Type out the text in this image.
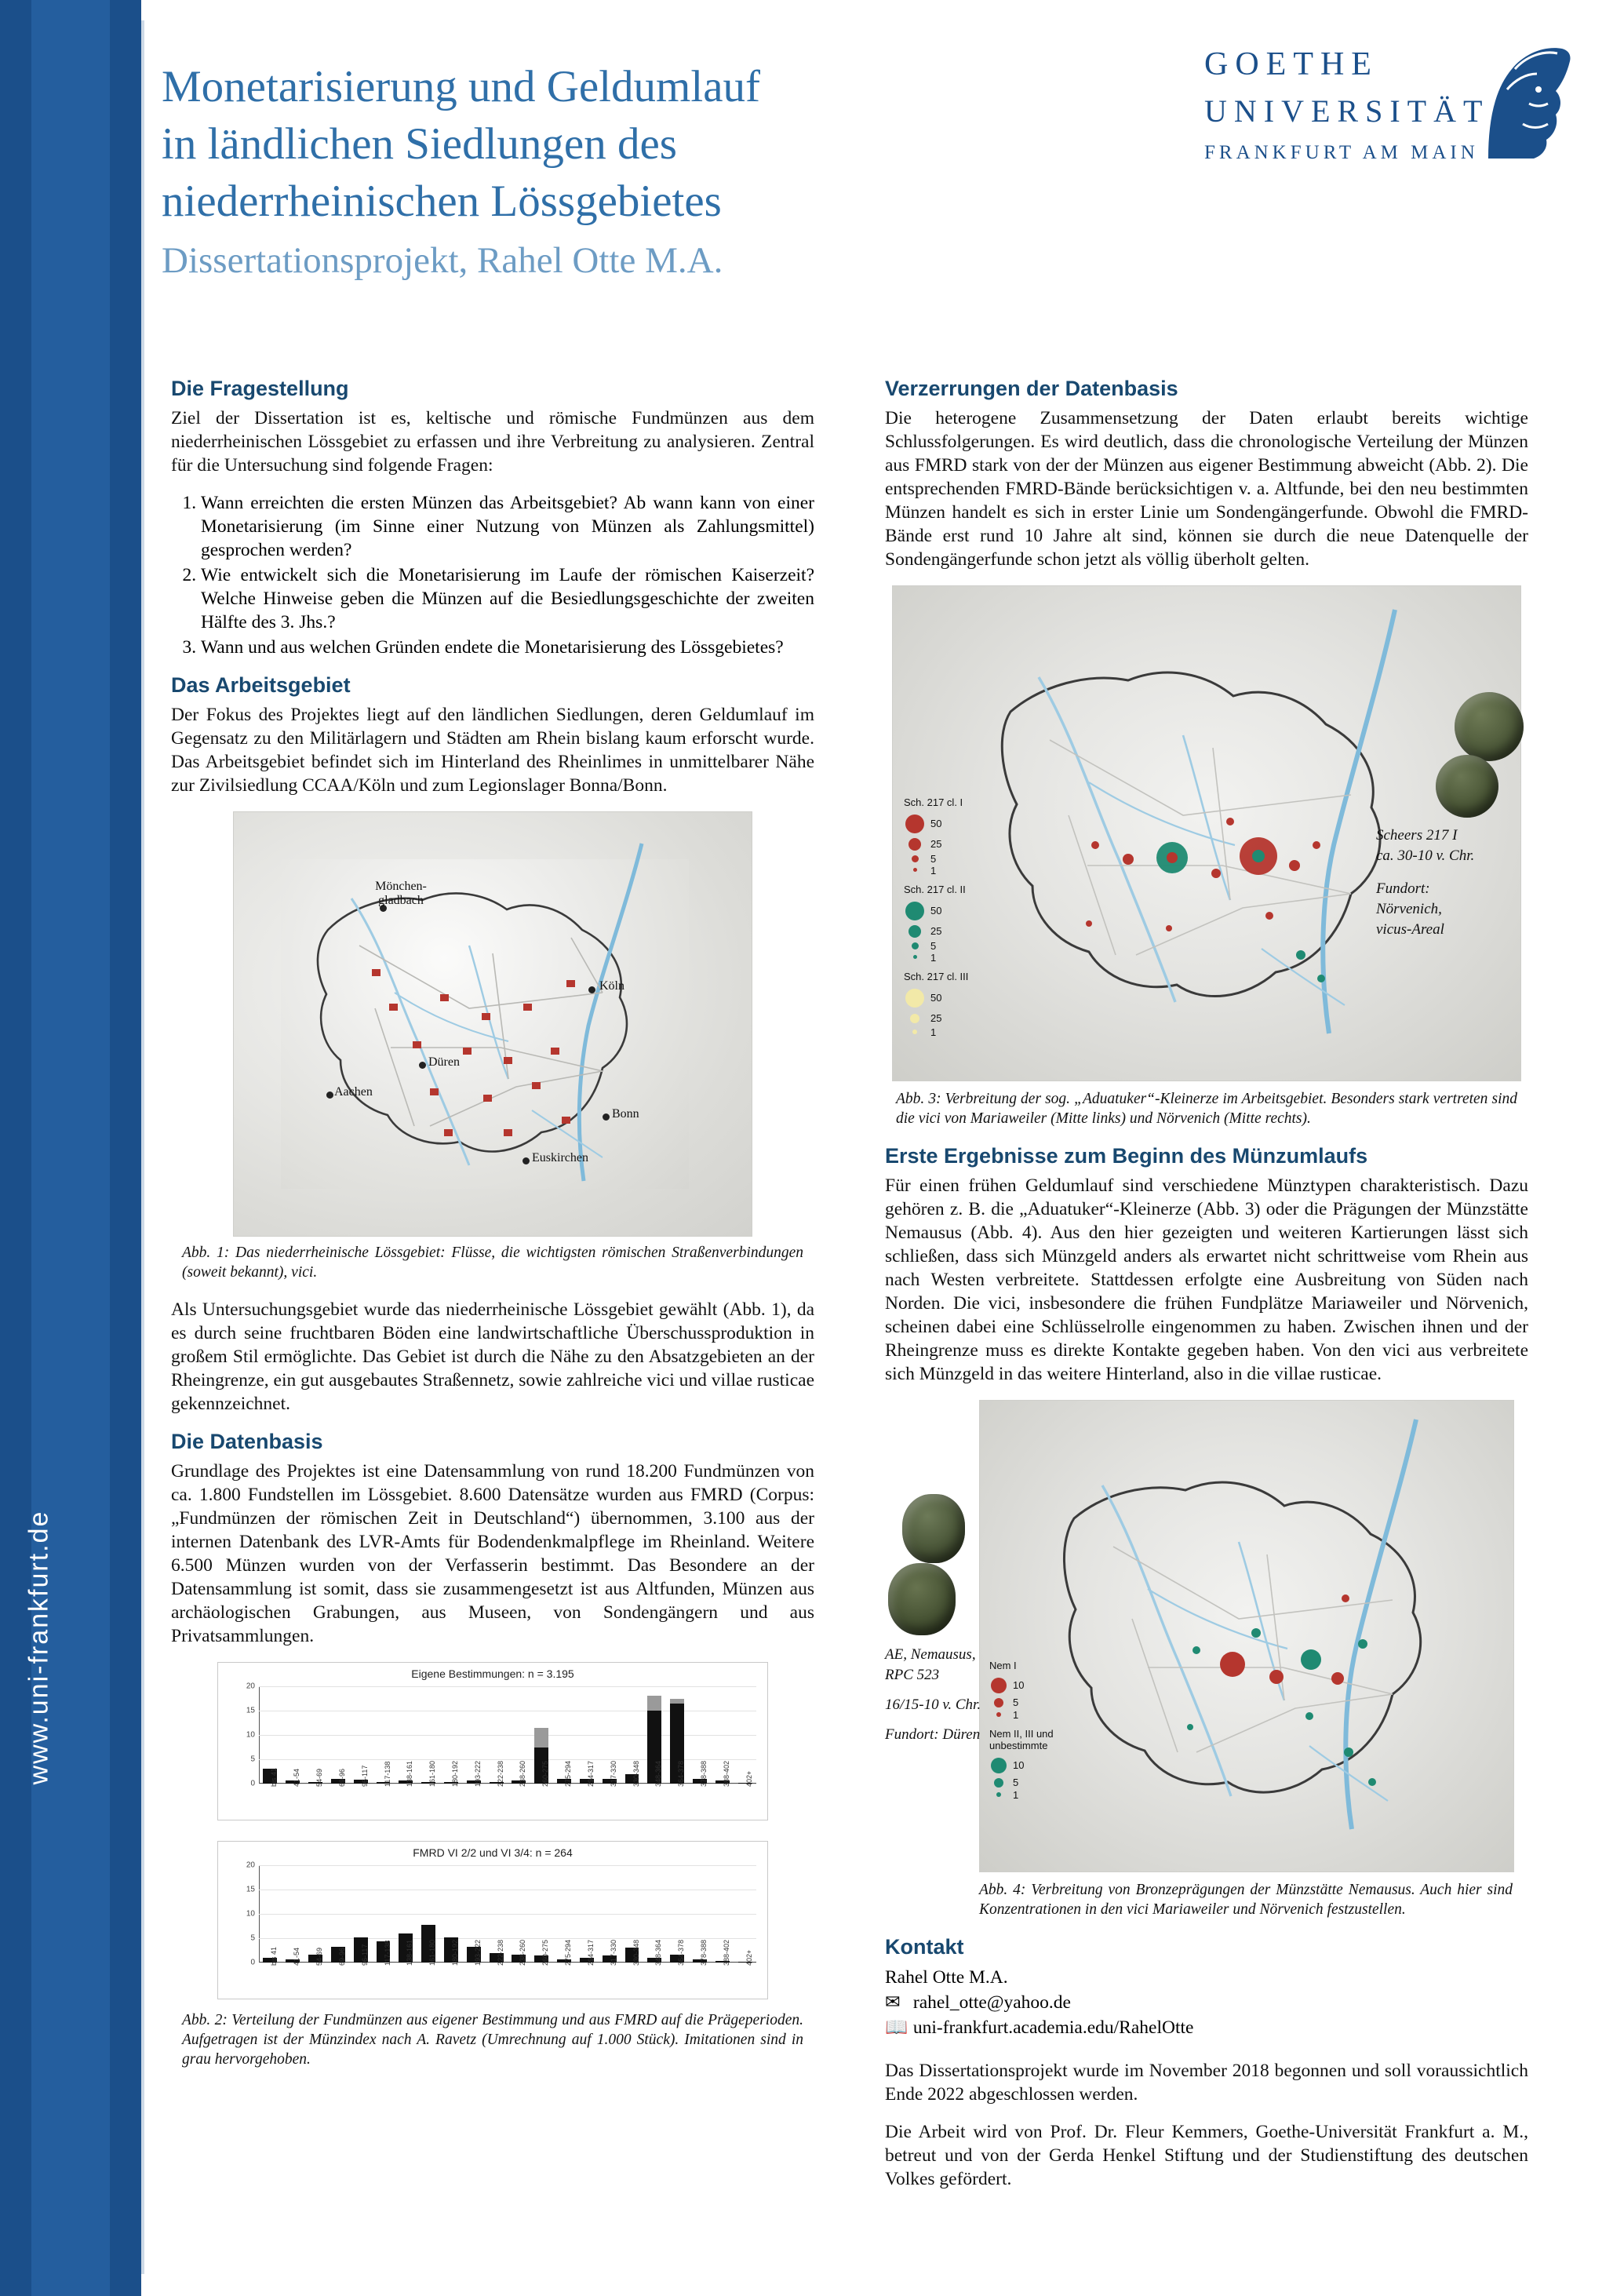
www.uni-frankfurt.de
Monetarisierung und Geldumlauf
in ländlichen Siedlungen des
niederrheinischen Lössgebietes
Dissertationsprojekt, Rahel Otte M.A.
GOETHE
UNIVERSITÄT
FRANKFURT AM MAIN
Die Fragestellung

Ziel der Dissertation ist es, keltische und römische Fundmünzen aus dem niederrheinischen Lössgebiet zu erfassen und ihre Verbreitung zu analysieren. Zentral für die Untersuchung sind folgende Fragen:

1. Wann erreichten die ersten Münzen das Arbeitsgebiet? Ab wann kann von einer Monetarisierung (im Sinne einer Nutzung von Münzen als Zahlungsmittel) gesprochen werden?
2. Wie entwickelt sich die Monetarisierung im Laufe der römischen Kaiserzeit? Welche Hinweise geben die Münzen auf die Besiedlungsgeschichte der zweiten Hälfte des 3. Jhs.?
3. Wann und aus welchen Gründen endete die Monetarisierung des Lössgebietes?
Das Arbeitsgebiet

Der Fokus des Projektes liegt auf den ländlichen Siedlungen, deren Geldumlauf im Gegensatz zu den Militärlagern und Städten am Rhein bislang kaum erforscht wurde. Das Arbeitsgebiet befindet sich im Hinterland des Rheinlimes in unmittelbarer Nähe zur Zivilsiedlung CCAA/Köln und zum Legionslager Bonna/Bonn.

Mönchen-gladbach
Köln
Düren
Aachen
Bonn
Euskirchen
Abb. 1: Das niederrheinische Lössgebiet: Flüsse, die wichtigsten römischen Straßenverbindungen (soweit bekannt), vici.

Als Untersuchungsgebiet wurde das niederrheinische Lössgebiet gewählt (Abb. 1), da es durch seine fruchtbaren Böden eine landwirtschaftliche Überschussproduktion in großem Stil ermöglichte. Das Gebiet ist durch die Nähe zu den Absatzgebieten an der Rheingrenze, ein gut ausgebautes Straßennetz, sowie zahlreiche vici und villae rusticae gekennzeichnet.

Die Datenbasis

Grundlage des Projektes ist eine Datensammlung von rund 18.200 Fundmünzen von ca. 1.800 Fundstellen im Lössgebiet. 8.600 Datensätze wurden aus FMRD (Corpus: „Fundmünzen der römischen Zeit in Deutschland“) übernommen, 3.100 aus der internen Datenbank des LVR-Amts für Bodendenkmalpflege im Rheinland. Weitere 6.500 Münzen wurden von der Verfasserin bestimmt. Das Besondere an der Datensammlung ist somit, dass sie zusammengesetzt ist aus Altfunden, Münzen aus archäologischen Grabungen, aus Museen, von Sondengängern und aus Privatsammlungen.

Eigene Bestimmungen: n = 3.195
0
5
10
15
20
bis 41 41-54 54-69 69-96 96-117 117-138 138-161 161-180 180-192 193-222 222-238 238-260 260-275 275-294 294-317 317-330 330-348 348-364 364-378 378-388 388-402 402+
FMRD VI 2/2 und VI 3/4: n = 264
0
5
10
15
20
bis 41 41-54 54-69 69-96 96-117 117-138 138-161 161-180 180-192 193-222 222-238 238-260 260-275 275-294 294-317 317-330 330-348 348-364 364-378 378-388 388-402 402+
Abb. 2: Verteilung der Fundmünzen aus eigener Bestimmung und aus FMRD auf die Prägeperioden. Aufgetragen ist der Münzindex nach A. Ravetz (Umrechnung auf 1.000 Stück). Imitationen sind in grau hervorgehoben.
Verzerrungen der Datenbasis

Die heterogene Zusammensetzung der Daten erlaubt bereits wichtige Schlussfolgerungen. Es wird deutlich, dass die chronologische Verteilung der Münzen aus FMRD stark von der der Münzen aus eigener Bestimmung abweicht (Abb. 2). Die entsprechenden FMRD-Bände berücksichtigen v. a. Altfunde, bei den neu bestimmten Münzen handelt es sich in erster Linie um Sondengängerfunde. Obwohl die FMRD-Bände erst rund 10 Jahre alt sind, können sie durch die neue Datenquelle der Sondengängerfunde schon jetzt als völlig überholt gelten.

Sch. 217 cl. I
50
25
5
1
Sch. 217 cl. II
50
25
5
1
Sch. 217 cl. III
50
25
1
Scheers 217 I
ca. 30-10 v. Chr.
Fundort:
Nörvenich,
vicus-Areal
Abb. 3: Verbreitung der sog. „Aduatuker“-Kleinerze im Arbeitsgebiet. Besonders stark vertreten sind die vici von Mariaweiler (Mitte links) und Nörvenich (Mitte rechts).
Erste Ergebnisse zum Beginn des Münzumlaufs

Für einen frühen Geldumlauf sind verschiedene Münztypen charakteristisch. Dazu gehören z. B. die „Aduatuker“-Kleinerze (Abb. 3) oder die Prägungen der Münzstätte Nemausus (Abb. 4). Aus den hier gezeigten und weiteren Kartierungen lässt sich schließen, dass sich Münzgeld anders als erwartet nicht schrittweise vom Rhein aus nach Westen verbreitete. Stattdessen erfolgte eine Ausbreitung von Süden nach Norden. Die vici, insbesondere die frühen Fundplätze Mariaweiler und Nörvenich, scheinen dabei eine Schlüsselrolle eingenommen zu haben. Zwischen ihnen und der Rheingrenze muss es direkte Kontakte gegeben haben. Von den vici aus verbreitete sich Münzgeld in das weitere Hinterland, also in die villae rusticae.

Nem I
10
5
1
Nem II, III und unbestimmte
10
5
1
AE, Nemausus,
RPC 523
16/15-10 v. Chr.
Fundort: Düren
Abb. 4: Verbreitung von Bronzeprägungen der Münzstätte Nemausus. Auch hier sind Konzentrationen in den vici Mariaweiler und Nörvenich festzustellen.
Kontakt
Rahel Otte M.A.
✉ rahel_otte@yahoo.de
📖 uni-frankfurt.academia.edu/RahelOtte

Das Dissertationsprojekt wurde im November 2018 begonnen und soll voraussichtlich Ende 2022 abgeschlossen werden.

Die Arbeit wird von Prof. Dr. Fleur Kemmers, Goethe-Universität Frankfurt a. M., betreut und von der Gerda Henkel Stiftung und der Studienstiftung des deutschen Volkes gefördert.
